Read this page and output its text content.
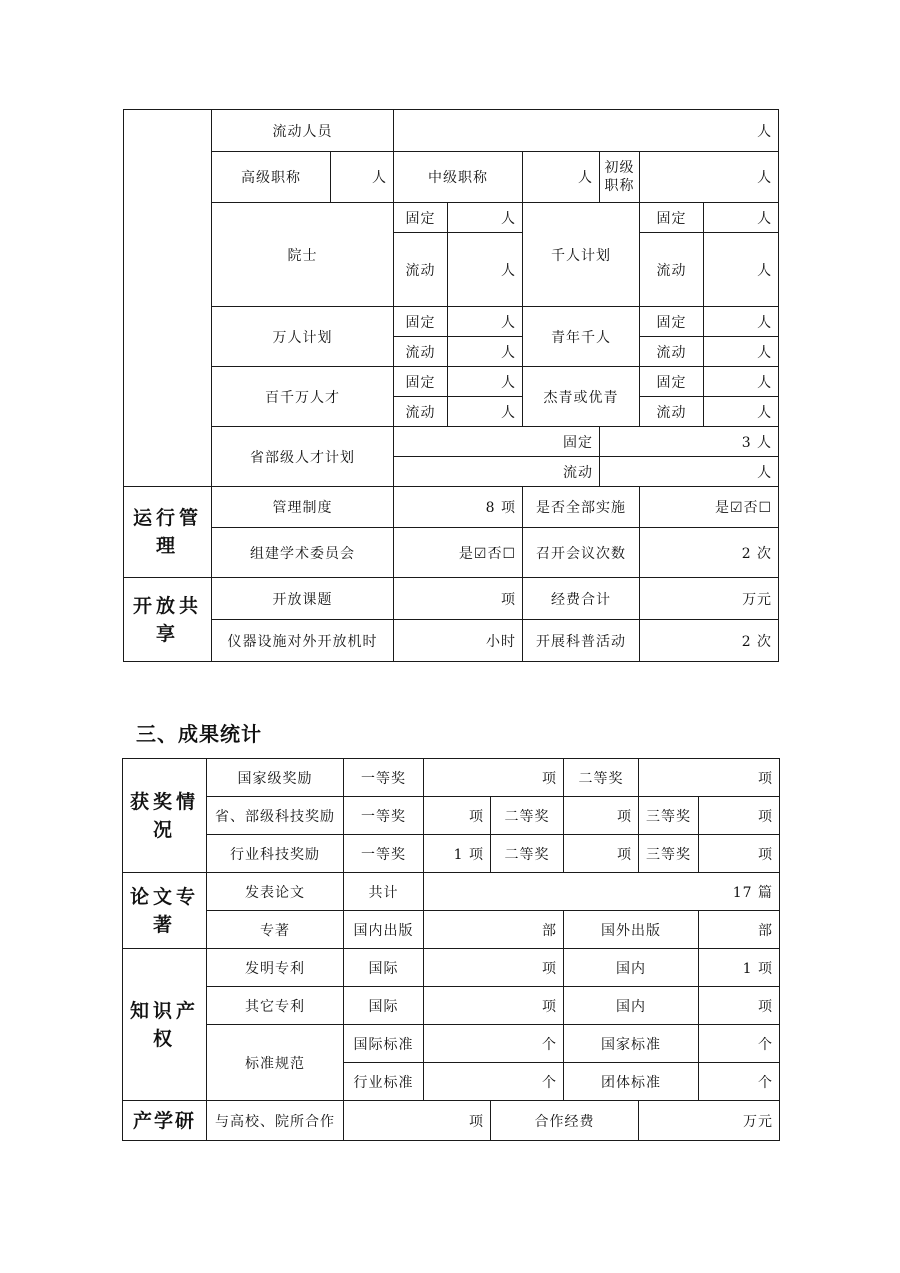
	流动人员		人					
	高级职称	人	中级职称		人	初级职称	人	
	院士		固定	人	千人计划		固定	人
			流动	人			流动	人
	万人计划		固定	人	青年千人		固定	人
			流动	人			流动	人
	百千万人才		固定	人	杰青或优青		固定	人
			流动	人			流动	人
	省部级人才计划		固定			3 人		
			流动			人		
运行管理	管理制度		8 项		是否全部实施		是☑否☐	
	组建学术委员会		是☑否☐		召开会议次数		2 次	
开放共享	开放课题		项		经费合计		万元	
	仪器设施对外开放机时		小时		开展科普活动		2 次	
三、成果统计
获奖情况	国家级奖励	一等奖	项		二等奖	项	
	省、部级科技奖励	一等奖	项	二等奖	项	三等奖	项
	行业科技奖励	一等奖	1 项	二等奖	项	三等奖	项
论文专著	发表论文	共计	17 篇				
	专著	国内出版	部		国外出版		部
知识产权	发明专利	国际	项		国内		1 项
	其它专利	国际	项		国内		项
	标准规范	国际标准	个		国家标准		个
		行业标准	个		团体标准		个
产学研	与高校、院所合作	项		合作经费		万元	
